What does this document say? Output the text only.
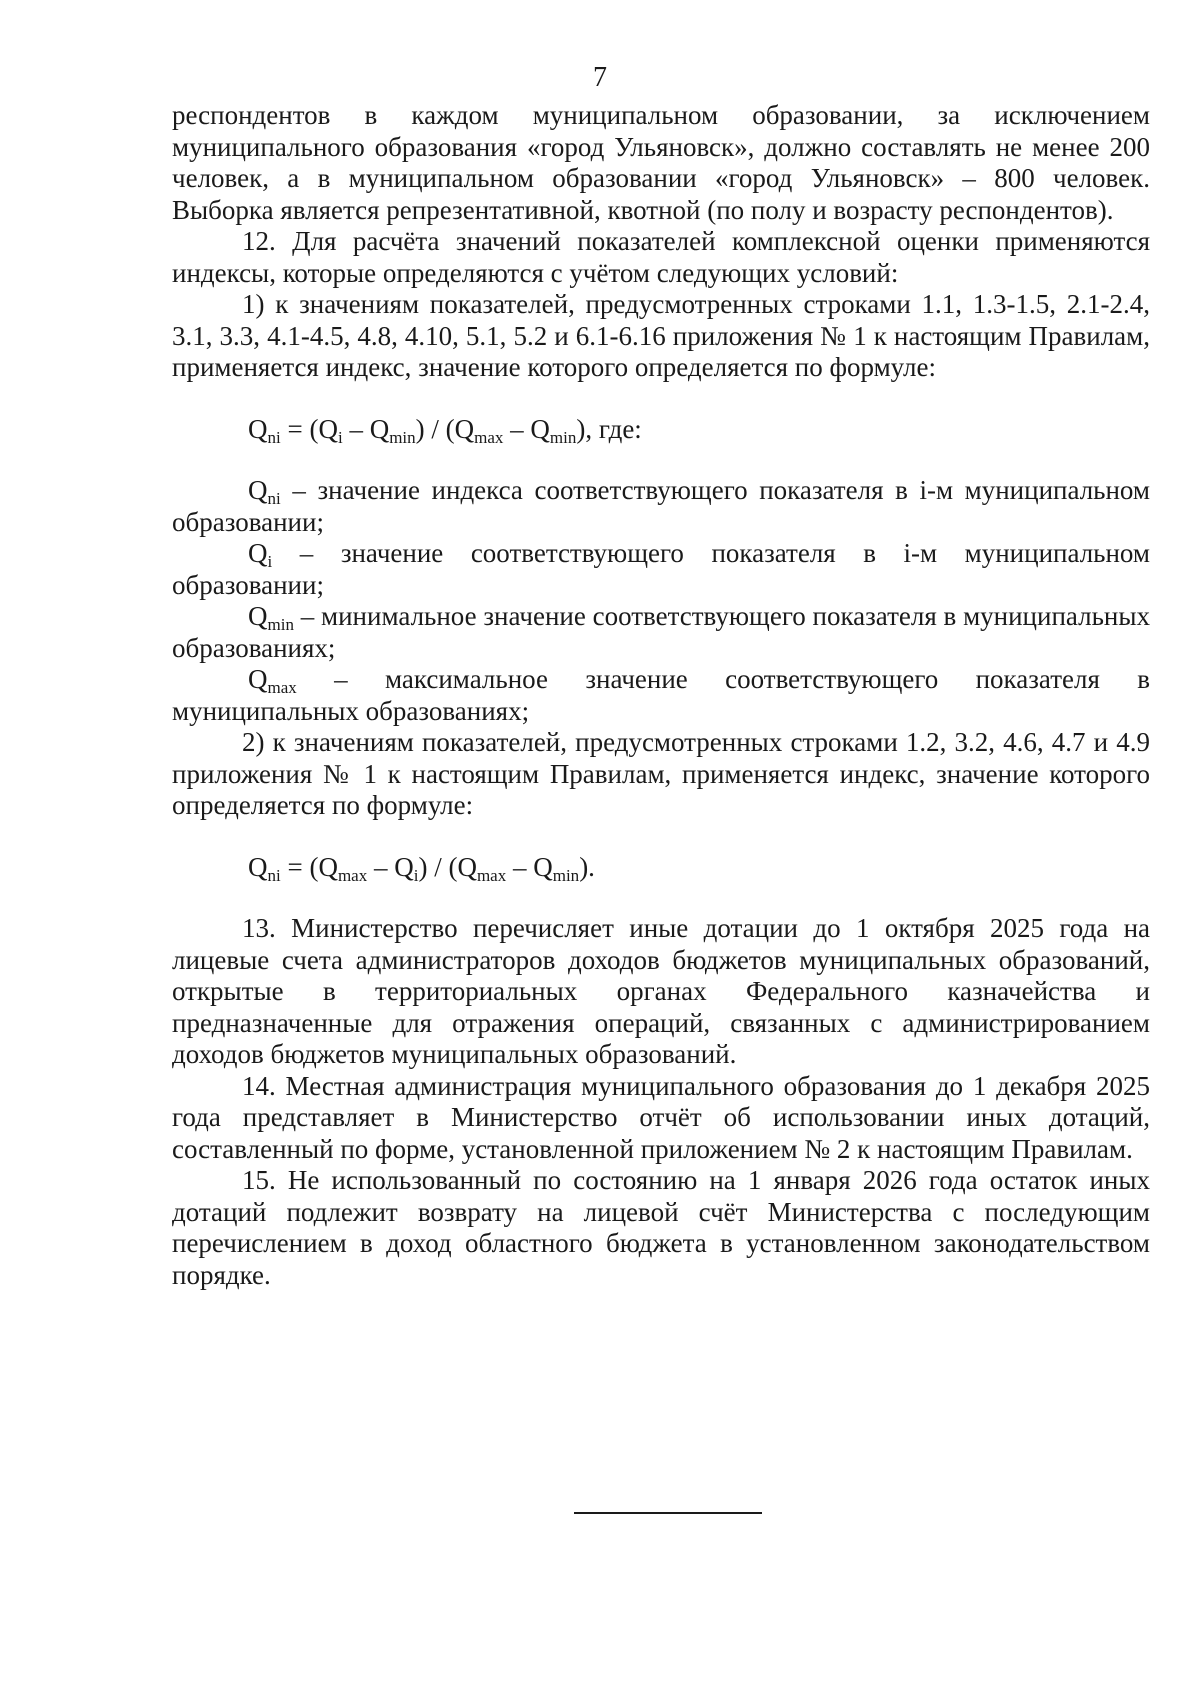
7

респондентов в каждом муниципальном образовании, за исключением муниципального образования «город Ульяновск», должно составлять не менее 200 человек, а в муниципальном образовании «город Ульяновск» – 800 человек. Выборка является репрезентативной, квотной (по полу и возрасту респондентов).

12. Для расчёта значений показателей комплексной оценки применяются индексы, которые определяются с учётом следующих условий:

1) к значениям показателей, предусмотренных строками 1.1, 1.3-1.5, 2.1-2.4, 3.1, 3.3, 4.1-4.5, 4.8, 4.10, 5.1, 5.2 и 6.1-6.16 приложения № 1 к настоящим Правилам, применяется индекс, значение которого определяется по формуле:

$Q_{ni} = (Q_i - Q_{min}) / (Q_{max} - Q_{min})$, где:

$Q_{ni}$ – значение индекса соответствующего показателя в i-м муниципальном образовании;

$Q_i$ – значение соответствующего показателя в i-м муниципальном образовании;

$Q_{min}$ – минимальное значение соответствующего показателя в муниципальных образованиях;

$Q_{max}$ – максимальное значение соответствующего показателя в муниципальных образованиях;

2) к значениям показателей, предусмотренных строками 1.2, 3.2, 4.6, 4.7 и 4.9 приложения № 1 к настоящим Правилам, применяется индекс, значение которого определяется по формуле:

$Q_{ni} = (Q_{max} - Q_i) / (Q_{max} - Q_{min})$.

13. Министерство перечисляет иные дотации до 1 октября 2025 года на лицевые счета администраторов доходов бюджетов муниципальных образований, открытые в территориальных органах Федерального казначейства и предназначенные для отражения операций, связанных с администрированием доходов бюджетов муниципальных образований.

14. Местная администрация муниципального образования до 1 декабря 2025 года представляет в Министерство отчёт об использовании иных дотаций, составленный по форме, установленной приложением № 2 к настоящим Правилам.

15. Не использованный по состоянию на 1 января 2026 года остаток иных дотаций подлежит возврату на лицевой счёт Министерства с последующим перечислением в доход областного бюджета в установленном законодательством порядке.
